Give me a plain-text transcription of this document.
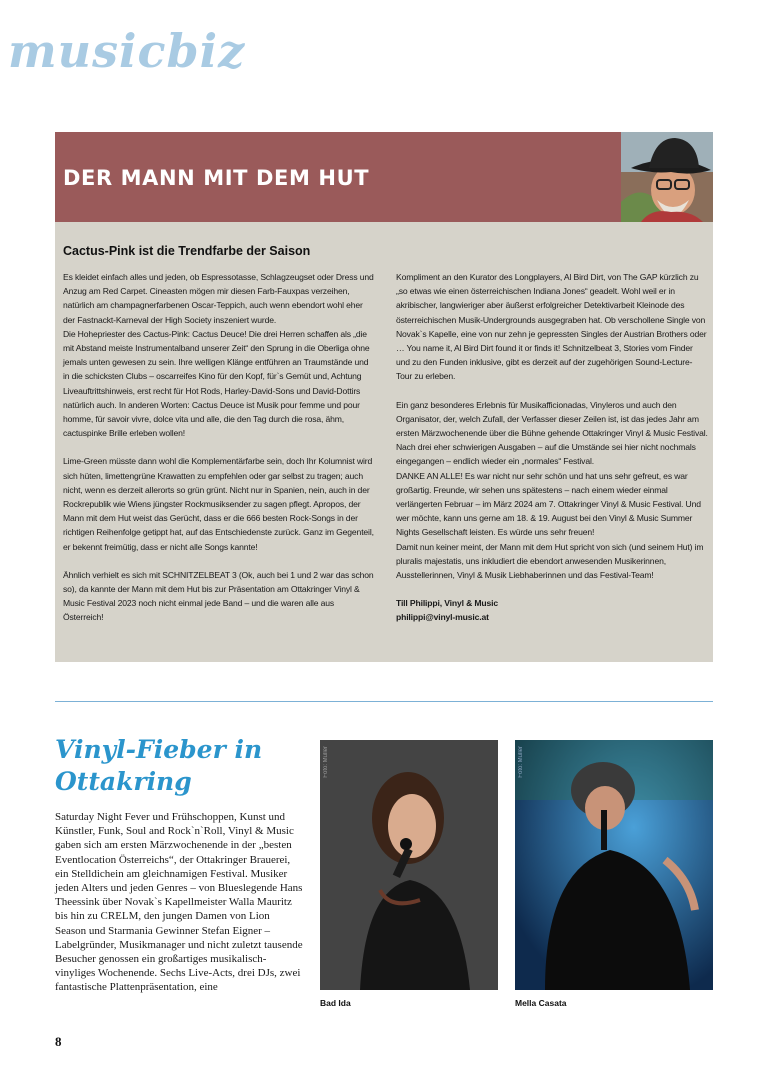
musicbiz
DER MANN MIT DEM HUT
Cactus-Pink ist die Trendfarbe der Saison

Es kleidet einfach alles und jeden, ob Espressotasse, Schlagzeugset oder Dress und Anzug am Red Carpet. Cineasten mögen mir diesen Farb-Fauxpas verzeihen, natürlich am champagnerfarbenen Oscar-Teppich, auch wenn ebendort wohl eher der Fastnackt-Karneval der High Society inszeniert wurde.

Die Hohepriester des Cactus-Pink: Cactus Deuce! Die drei Herren schaffen als „die mit Abstand meiste Instrumentalband unserer Zeit“ den Sprung in die Oberliga ohne jemals unten gewesen zu sein. Ihre welligen Klänge entführen an Traumstände und in die schicksten Clubs – oscarreifes Kino für den Kopf, für`s Gemüt und, Achtung Liveauftrittshinweis, erst recht für Hot Rods, Harley-David-Sons und David-Dottirs natürlich auch. In anderen Worten: Cactus Deuce ist Musik pour femme und pour homme, für savoir vivre, dolce vita und alle, die den Tag durch die rosa, ähm, cactuspinke Brille erleben wollen!

Lime-Green müsste dann wohl die Komplementärfarbe sein, doch Ihr Kolumnist wird sich hüten, limettengrüne Krawatten zu empfehlen oder gar selbst zu tragen; auch nicht, wenn es derzeit allerorts so grün grünt. Nicht nur in Spanien, nein, auch in der Rockrepublik wie Wiens jüngster Rockmusiksender zu sagen pflegt. Apropos, der Mann mit dem Hut weist das Gerücht, dass er die 666 besten Rock-Songs in der richtigen Reihenfolge getippt hat, auf das Entschiedenste zurück. Ganz im Gegenteil, er bekennt freimütig, dass er nicht alle Songs kannte!

Ähnlich verhielt es sich mit SCHNITZELBEAT 3 (Ok, auch bei 1 und 2 war das schon so), da kannte der Mann mit dem Hut bis zur Präsentation am Ottakringer Vinyl & Music Festival 2023 noch nicht einmal jede Band – und die waren alle aus Österreich!

Kompliment an den Kurator des Longplayers, Al Bird Dirt, von The GAP kürzlich zu „so etwas wie einen österreichischen Indiana Jones“ geadelt. Wohl weil er in akribischer, langwieriger aber äußerst erfolgreicher Detektivarbeit Kleinode des österreichischen Musik-Undergrounds ausgegraben hat. Ob verschollene Single von Novak`s Kapelle, eine von nur zehn je gepressten Singles der Austrian Brothers oder … You name it, Al Bird Dirt found it or finds it! Schnitzelbeat 3, Stories vom Finder und zu den Funden inklusive, gibt es derzeit auf der zugehörigen Sound-Lecture-Tour zu erleben.

Ein ganz besonderes Erlebnis für Musikafficionadas, Vinyleros und auch den Organisator, der, welch Zufall, der Verfasser dieser Zeilen ist, ist das jedes Jahr am ersten Märzwochenende über die Bühne gehende Ottakringer Vinyl & Music Festival. Nach drei eher schwierigen Ausgaben – auf die Umstände sei hier nicht nochmals eingegangen – endlich wieder ein „normales“ Festival.

DANKE AN ALLE! Es war nicht nur sehr schön und hat uns sehr gefreut, es war großartig. Freunde, wir sehen uns spätestens – nach einem wieder einmal verlängerten Februar – im März 2024 am 7. Ottakringer Vinyl & Music Festival. Und wer möchte, kann uns gerne am 18. & 19. August bei den Vinyl & Music Summer Nights Gesellschaft leisten. Es würde uns sehr freuen!

Damit nun keiner meint, der Mann mit dem Hut spricht von sich (und seinem Hut) im pluralis majestatis, uns inkludiert die ebendort anwesenden Musikerinnen, Ausstellerinnen, Vinyl & Musik Liebhaberinnen und das Festival-Team!

Till Philippi, Vinyl & Music
philippi@vinyl-music.at
Vinyl-Fieber in Ottakring
Saturday Night Fever und Frühschoppen, Kunst und Künstler, Funk, Soul and Rock`n`Roll, Vinyl & Music gaben sich am ersten Märzwochenende in der „besten Eventlocation Österreichs“, der Ottakringer Brauerei, ein Stelldichein am gleichnamigen Festival. Musiker jeden Alters und jeden Genres – von Blueslegende Hans Theessink über Novak`s Kapellmeister Walla Mauritz bis hin zu CRELM, den jungen Damen von Lion Season und Starmania Gewinner Stefan Eigner – Labelgründer, Musikmanager und nicht zuletzt tausende Besucher genossen ein großartiges musikalisch-vinyliges Wochenende. Sechs Live-Acts, drei DJs, zwei fantastische Plattenpräsentation, eine
Foto: Müller	Foto: Müller
Bad Ida	Mella Casata
8
